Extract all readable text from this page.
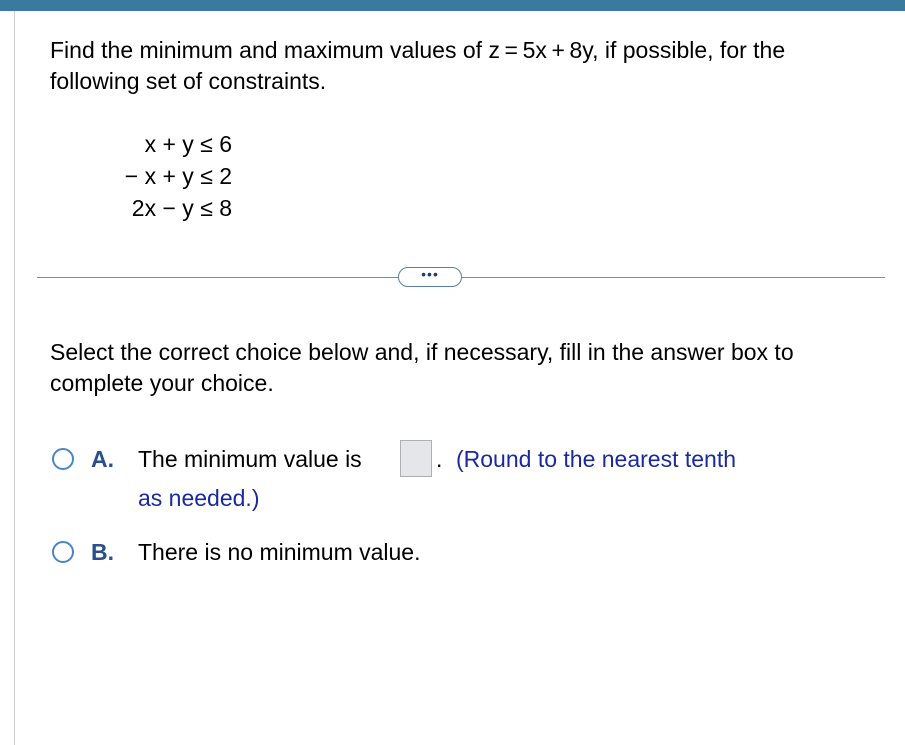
Find the minimum and maximum values of z = 5x + 8y, if possible, for the following set of constraints.

x + y ≤ 6
− x + y ≤ 2
2x − y ≤ 8
•••

Select the correct choice below and, if necessary, fill in the answer box to complete your choice.

A. The minimum value is	. (Round to the nearest tenth
as needed.)
B. There is no minimum value.
